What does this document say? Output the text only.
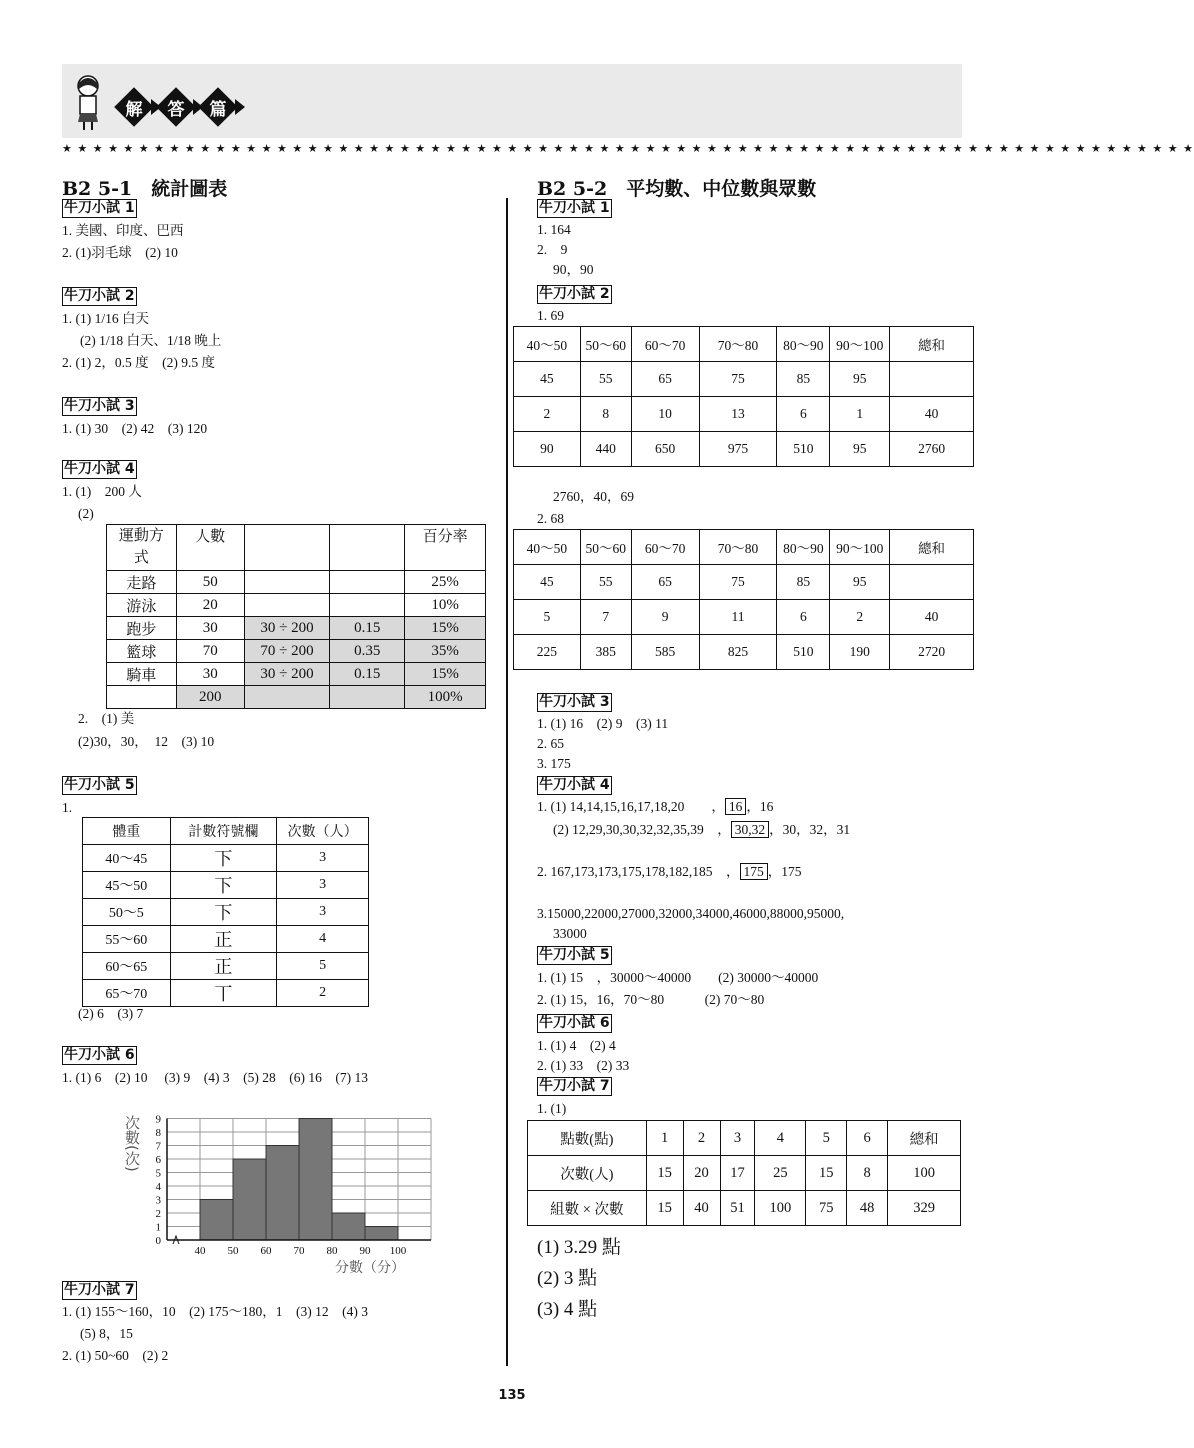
解	答	篇
★ ★ ★ ★ ★ ★ ★ ★ ★ ★ ★ ★ ★ ★ ★ ★ ★ ★ ★ ★ ★ ★ ★ ★ ★ ★ ★ ★ ★ ★ ★ ★ ★ ★ ★ ★ ★ ★ ★ ★ ★ ★ ★ ★ ★ ★ ★ ★ ★ ★ ★ ★ ★ ★ ★ ★ ★ ★ ★ ★ ★ ★ ★ ★ ★ ★ ★ ★ ★ ★ ★ ★ ★ ★
B2 5-1　統計圖表
牛刀小試 1
1. 美國、印度、巴西
2. (1)羽毛球　(2) 10
牛刀小試 2
1. (1) 1/16 白天
(2) 1/18 白天、1/18 晚上
2. (1) 2，0.5 度　(2) 9.5 度
牛刀小試 3
1. (1) 30　(2) 42　(3) 120
牛刀小試 4
1. (1)　200 人
(2)
運動方
式	人數			百分率
走路	50			25%
游泳	20			10%
跑步	30	30 ÷ 200	0.15	15%
籃球	70	70 ÷ 200	0.35	35%
騎車	30	30 ÷ 200	0.15	15%
	200			100%
2.　(1) 美
(2)30，30，　12　(3) 10
牛刀小試 5
1.
體重	計數符號欄	次數（人）
40～45	下	3
45～50	下	3
50～5	下	3
55～60	正	4
60～65	正	5
65～70	丅	2
(2) 6　(3) 7
牛刀小試 6
1. (1) 6　(2) 10　 (3) 9　(4) 3　(5) 28　(6) 16　(7) 13
0
1
2
3
4
5
6
7
8
9
40 50 60 70 80 90 100
次數(次)
分數（分）
牛刀小試 7
1. (1) 155～160，10　(2) 175～180，1　(3) 12　(4) 3
(5) 8，15
2. (1) 50~60　(2) 2
B2 5-2　平均數、中位數與眾數
牛刀小試 1
1. 164
2.　9
90，90
牛刀小試 2
1. 69
40～50	50～60	60～70	70～80	80～90	90～100	總和
45	55	65	75	85	95	
2	8	10	13	6	1	40
90	440	650	975	510	95	2760
2760，40，69
2. 68
40～50	50～60	60～70	70～80	80～90	90～100	總和
45	55	65	75	85	95	
5	7	9	11	6	2	40
225	385	585	825	510	190	2720
牛刀小試 3
1. (1) 16　(2) 9　(3) 11
2. 65
3. 175
牛刀小試 4
1. (1) 14,14,15,16,17,18,20　　， 16 ，16
(2) 12,29,30,30,32,32,35,39　， 30,32 ，30，32，31
2. 167,173,173,175,178,182,185　， 175 ，175
3.15000,22000,27000,32000,34000,46000,88000,95000,
33000
牛刀小試 5
1. (1) 15　，30000～40000　　(2) 30000～40000
2. (1) 15，16，70～80　　　(2) 70～80
牛刀小試 6
1. (1) 4　(2) 4
2. (1) 33　(2) 33
牛刀小試 7
1. (1)
點數(點)	1	2	3	4	5	6	總和
次數(人)	15	20	17	25	15	8	100
組數 × 次數	15	40	51	100	75	48	329
(1) 3.29 點
(2) 3 點
(3) 4 點
135
